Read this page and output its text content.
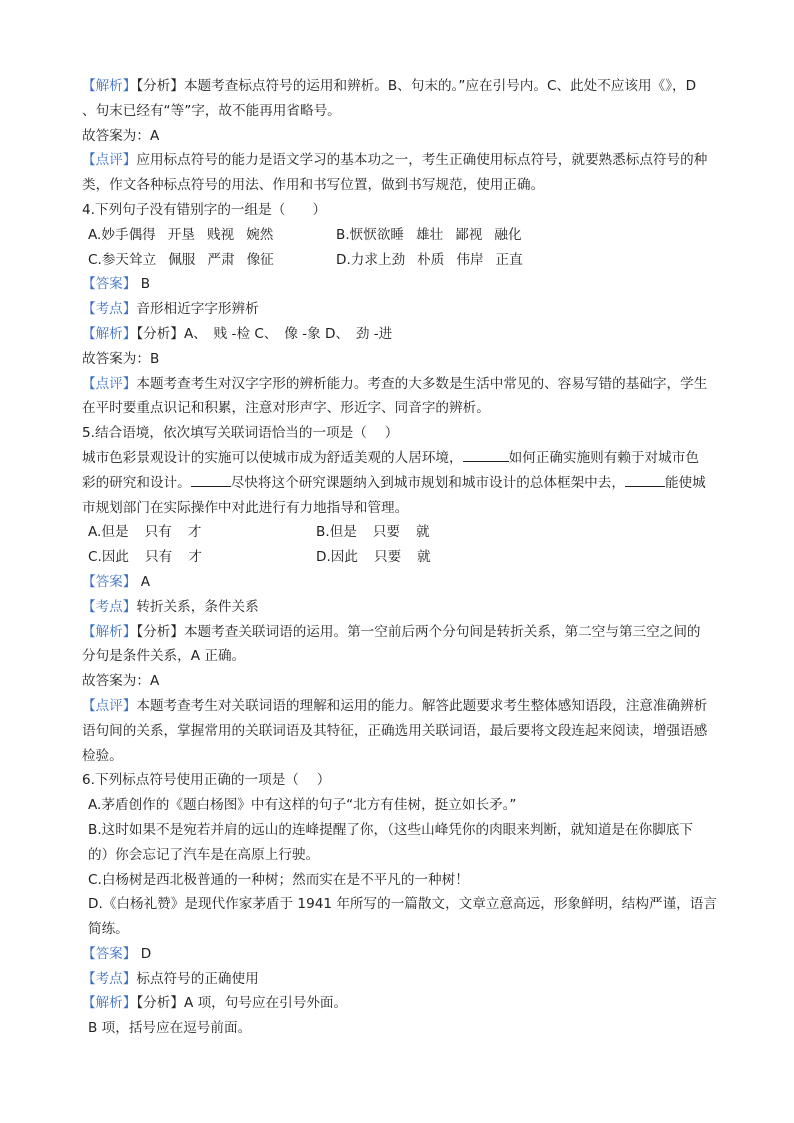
【解析】【分析】本题考查标点符号的运用和辨析。B、句末的。”应在引号内。C、此处不应该用《》，D
、句末已经有“等”字，故不能再用省略号。
故答案为：A
【点评】应用标点符号的能力是语文学习的基本功之一，考生正确使用标点符号，就要熟悉标点符号的种
类，作文各种标点符号的用法、作用和书写位置，做到书写规范，使用正确。
4.下列句子没有错别字的一组是（　　）
A. 妙手偶得 开垦 贱视 婉然	B. 恹恹欲睡 雄壮 鄙视 融化
C. 参天耸立 佩服 严肃 像征	D. 力求上劲 朴质 伟岸 正直
【答案】 B
【考点】音形相近字字形辨析
【解析】【分析】A、　贱 -检 C、　像 -象 D、　劲 -进
故答案为：B
【点评】本题考查考生对汉字字形的辨析能力。考查的大多数是生活中常见的、容易写错的基础字，学生
在平时要重点识记和积累，注意对形声字、形近字、同音字的辨析。
5.结合语境，依次填写关联词语恰当的一项是（　 ）
城市色彩景观设计的实施可以使城市成为舒适美观的人居环境，	如何正确实施则有赖于对城市色
彩的研究和设计。	尽快将这个研究课题纳入到城市规划和城市设计的总体框架中去，	能使城
市规划部门在实际操作中对此进行有力地指导和管理。
A. 但是 只有 才	B. 但是 只要 就
C. 因此 只有 才	D. 因此 只要 就
【答案】 A
【考点】转折关系，条件关系
【解析】【分析】本题考查关联词语的运用。第一空前后两个分句间是转折关系，第二空与第三空之间的
分句是条件关系，A 正确。
故答案为：A
【点评】本题考查考生对关联词语的理解和运用的能力。解答此题要求考生整体感知语段，注意准确辨析
语句间的关系，掌握常用的关联词语及其特征，正确选用关联词语，最后要将文段连起来阅读，增强语感
检验。
6.下列标点符号使用正确的一项是（　 ）
A.茅盾创作的《题白杨图》中有这样的句子“北方有佳树，挺立如长矛。”
B.这时如果不是宛若并肩的远山的连峰提醒了你，（这些山峰凭你的肉眼来判断，就知道是在你脚底下
的）你会忘记了汽车是在高原上行驶。
C.白杨树是西北极普通的一种树；然而实在是不平凡的一种树！
D.《白杨礼赞》是现代作家茅盾于 1941 年所写的一篇散文，文章立意高远，形象鲜明，结构严谨，语言
简练。
【答案】 D
【考点】标点符号的正确使用
【解析】【分析】A 项，句号应在引号外面。
B 项，括号应在逗号前面。
